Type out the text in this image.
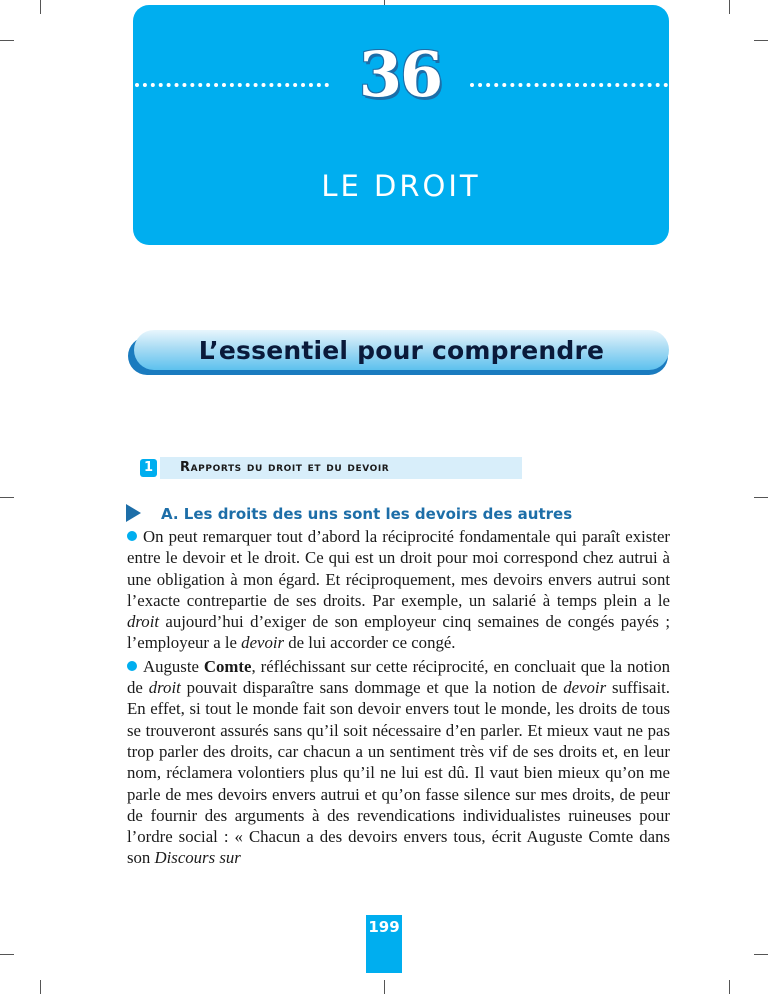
36
LE DROIT
L’essentiel pour comprendre
1	Rapports du droit et du devoir
A. Les droits des uns sont les devoirs des autres

On peut remarquer tout d’abord la réciprocité fondamentale qui paraît exister entre le devoir et le droit. Ce qui est un droit pour moi correspond chez autrui à une obligation à mon égard. Et réciproquement, mes devoirs envers autrui sont l’exacte contrepartie de ses droits. Par exemple, un salarié à temps plein a le droit aujourd’hui d’exiger de son employeur cinq semaines de congés payés ; l’employeur a le devoir de lui accorder ce congé.

Auguste Comte, réfléchissant sur cette réciprocité, en concluait que la notion de droit pouvait disparaître sans dommage et que la notion de devoir suffisait. En effet, si tout le monde fait son devoir envers tout le monde, les droits de tous se trouveront assurés sans qu’il soit nécessaire d’en parler. Et mieux vaut ne pas trop parler des droits, car chacun a un sentiment très vif de ses droits et, en leur nom, réclamera volontiers plus qu’il ne lui est dû. Il vaut bien mieux qu’on me parle de mes devoirs envers autrui et qu’on fasse silence sur mes droits, de peur de fournir des arguments à des revendications individualistes ruineuses pour l’ordre social : « Chacun a des devoirs envers tous, écrit Auguste Comte dans son Discours sur

199
